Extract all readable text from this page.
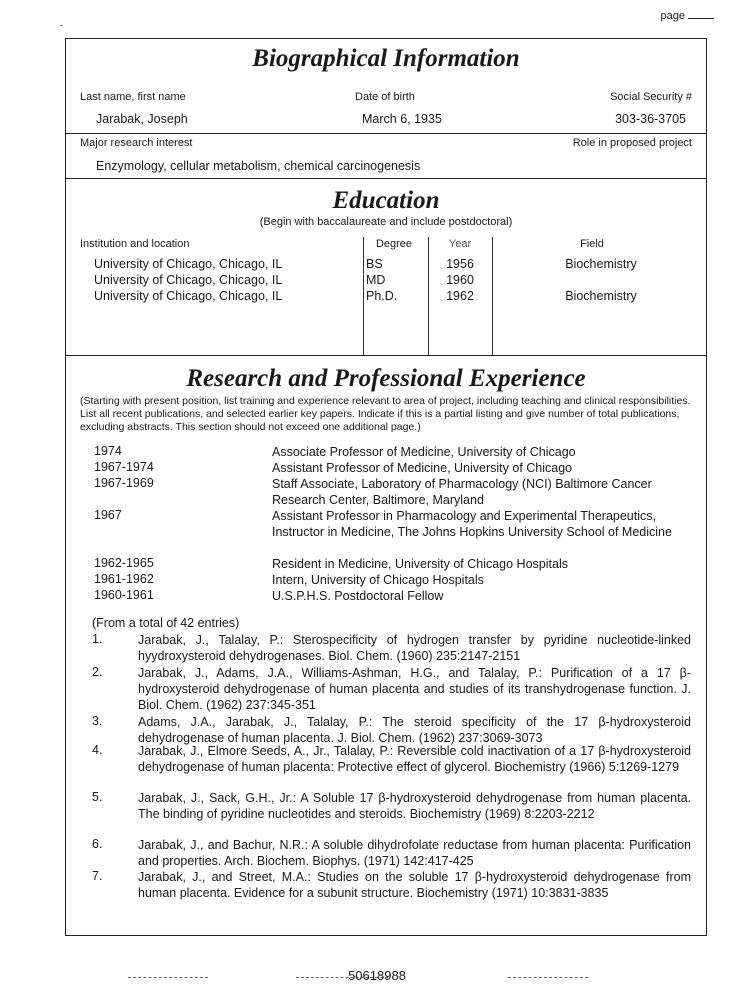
page
-
Biographical Information
Last name, first name	Date of birth	Social Security #
Jarabak, Joseph	March 6, 1935	303-36-3705
Major research interest	Role in proposed project
Enzymology, cellular metabolism, chemical carcinogenesis
Education
(Begin with baccalaureate and include postdoctoral)
Institution and location	Degree	Year	Field
University of Chicago, Chicago, IL	BS	1956	Biochemistry
University of Chicago, Chicago, IL	MD	1960
University of Chicago, Chicago, IL	Ph.D.	1962	Biochemistry
Research and Professional Experience
(Starting with present position, list training and experience relevant to area of project, including teaching and clinical responsibilities. List all recent publications, and selected earlier key papers. Indicate if this is a partial listing and give number of total publications, excluding abstracts. This section should not exceed one additional page.)
1974	Associate Professor of Medicine, University of Chicago
1967-1974	Assistant Professor of Medicine, University of Chicago
1967-1969	Staff Associate, Laboratory of Pharmacology (NCI) Baltimore Cancer Research Center, Baltimore, Maryland
1967	Assistant Professor in Pharmacology and Experimental Therapeutics, Instructor in Medicine, The Johns Hopkins University School of Medicine
1962-1965	Resident in Medicine, University of Chicago Hospitals
1961-1962	Intern, University of Chicago Hospitals
1960-1961	U.S.P.H.S. Postdoctoral Fellow
(From a total of 42 entries)
1.	Jarabak, J., Talalay, P.: Sterospecificity of hydrogen transfer by pyridine nucleotide-linked hyydroxysteroid dehydrogenases. Biol. Chem. (1960) 235:2147-2151
2.	Jarabak, J., Adams, J.A., Williams-Ashman, H.G., and Talalay, P.: Purification of a 17 β-hydroxysteroid dehydrogenase of human placenta and studies of its transhydrogenase function. J. Biol. Chem. (1962) 237:345-351
3.	Adams, J.A., Jarabak, J., Talalay, P.: The steroid specificity of the 17 β-hydroxysteroid dehydrogenase of human placenta. J. Biol. Chem. (1962) 237:3069-3073
4.	Jarabak, J., Elmore Seeds, A., Jr., Talalay, P.: Reversible cold inactivation of a 17 β-hydroxysteroid dehydrogenase of human placenta: Protective effect of glycerol. Biochemistry (1966) 5:1269-1279
5.	Jarabak, J., Sack, G.H., Jr.: A Soluble 17 β-hydroxysteroid dehydrogenase from human placenta. The binding of pyridine nucleotides and steroids. Biochemistry (1969) 8:2203-2212
6.	Jarabak, J., and Bachur, N.R.: A soluble dihydrofolate reductase from human placenta: Purification and properties. Arch. Biochem. Biophys. (1971) 142:417-425
7.	Jarabak, J., and Street, M.A.: Studies on the soluble 17 β-hydroxysteroid dehydrogenase from human placenta. Evidence for a subunit structure. Biochemistry (1971) 10:3831-3835
50618988
